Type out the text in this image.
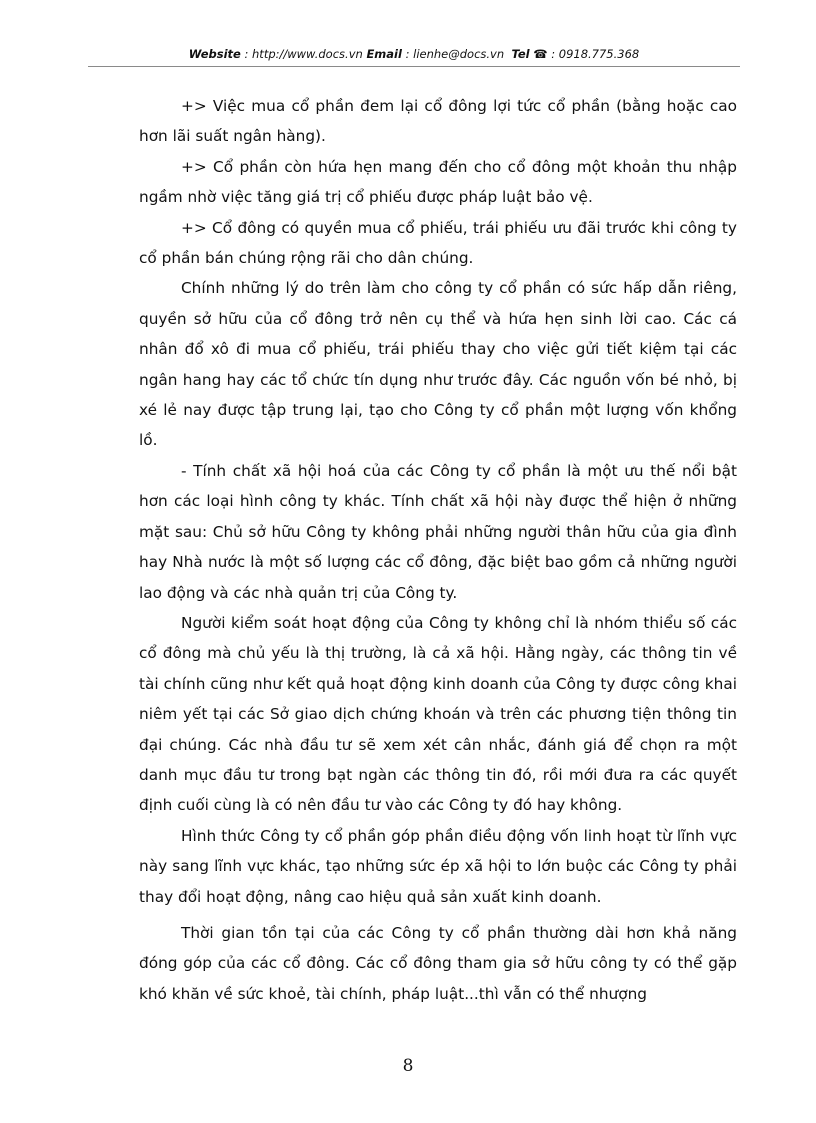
Website : http://www.docs.vn Email : lienhe@docs.vn Tel ☎ : 0918.775.368

+> Việc mua cổ phần đem lại cổ đông lợi tức cổ phần (bằng hoặc cao hơn lãi suất ngân hàng).

+> Cổ phần còn hứa hẹn mang đến cho cổ đông một khoản thu nhập ngầm nhờ việc tăng giá trị cổ phiếu được pháp luật bảo vệ.

+> Cổ đông có quyền mua cổ phiếu, trái phiếu ưu đãi trước khi công ty cổ phần bán chúng rộng rãi cho dân chúng.

Chính những lý do trên làm cho công ty cổ phần có sức hấp dẫn riêng, quyền sở hữu của cổ đông trở nên cụ thể và hứa hẹn sinh lời cao. Các cá nhân đổ xô đi mua cổ phiếu, trái phiếu thay cho việc gửi tiết kiệm tại các ngân hang hay các tổ chức tín dụng như trước đây. Các nguồn vốn bé nhỏ, bị xé lẻ nay được tập trung lại, tạo cho Công ty cổ phần một lượng vốn khổng lồ.

- Tính chất xã hội hoá của các Công ty cổ phần là một ưu thế nổi bật hơn các loại hình công ty khác. Tính chất xã hội này được thể hiện ở những mặt sau: Chủ sở hữu Công ty không phải những người thân hữu của gia đình hay Nhà nước là một số lượng các cổ đông, đặc biệt bao gồm cả những người lao động và các nhà quản trị của Công ty.

Người kiểm soát hoạt động của Công ty không chỉ là nhóm thiểu số các cổ đông mà chủ yếu là thị trường, là cả xã hội. Hằng ngày, các thông tin về tài chính cũng như kết quả hoạt động kinh doanh của Công ty được công khai niêm yết tại các Sở giao dịch chứng khoán và trên các phương tiện thông tin đại chúng. Các nhà đầu tư sẽ xem xét cân nhắc, đánh giá để chọn ra một danh mục đầu tư trong bạt ngàn các thông tin đó, rồi mới đưa ra các quyết định cuối cùng là có nên đầu tư vào các Công ty đó hay không.

Hình thức Công ty cổ phần góp phần điều động vốn linh hoạt từ lĩnh vực này sang lĩnh vực khác, tạo những sức ép xã hội to lớn buộc các Công ty phải thay đổi hoạt động, nâng cao hiệu quả sản xuất kinh doanh.

Thời gian tồn tại của các Công ty cổ phần thường dài hơn khả năng đóng góp của các cổ đông. Các cổ đông tham gia sở hữu công ty có thể gặp khó khăn về sức khoẻ, tài chính, pháp luật...thì vẫn có thể nhượng

8
